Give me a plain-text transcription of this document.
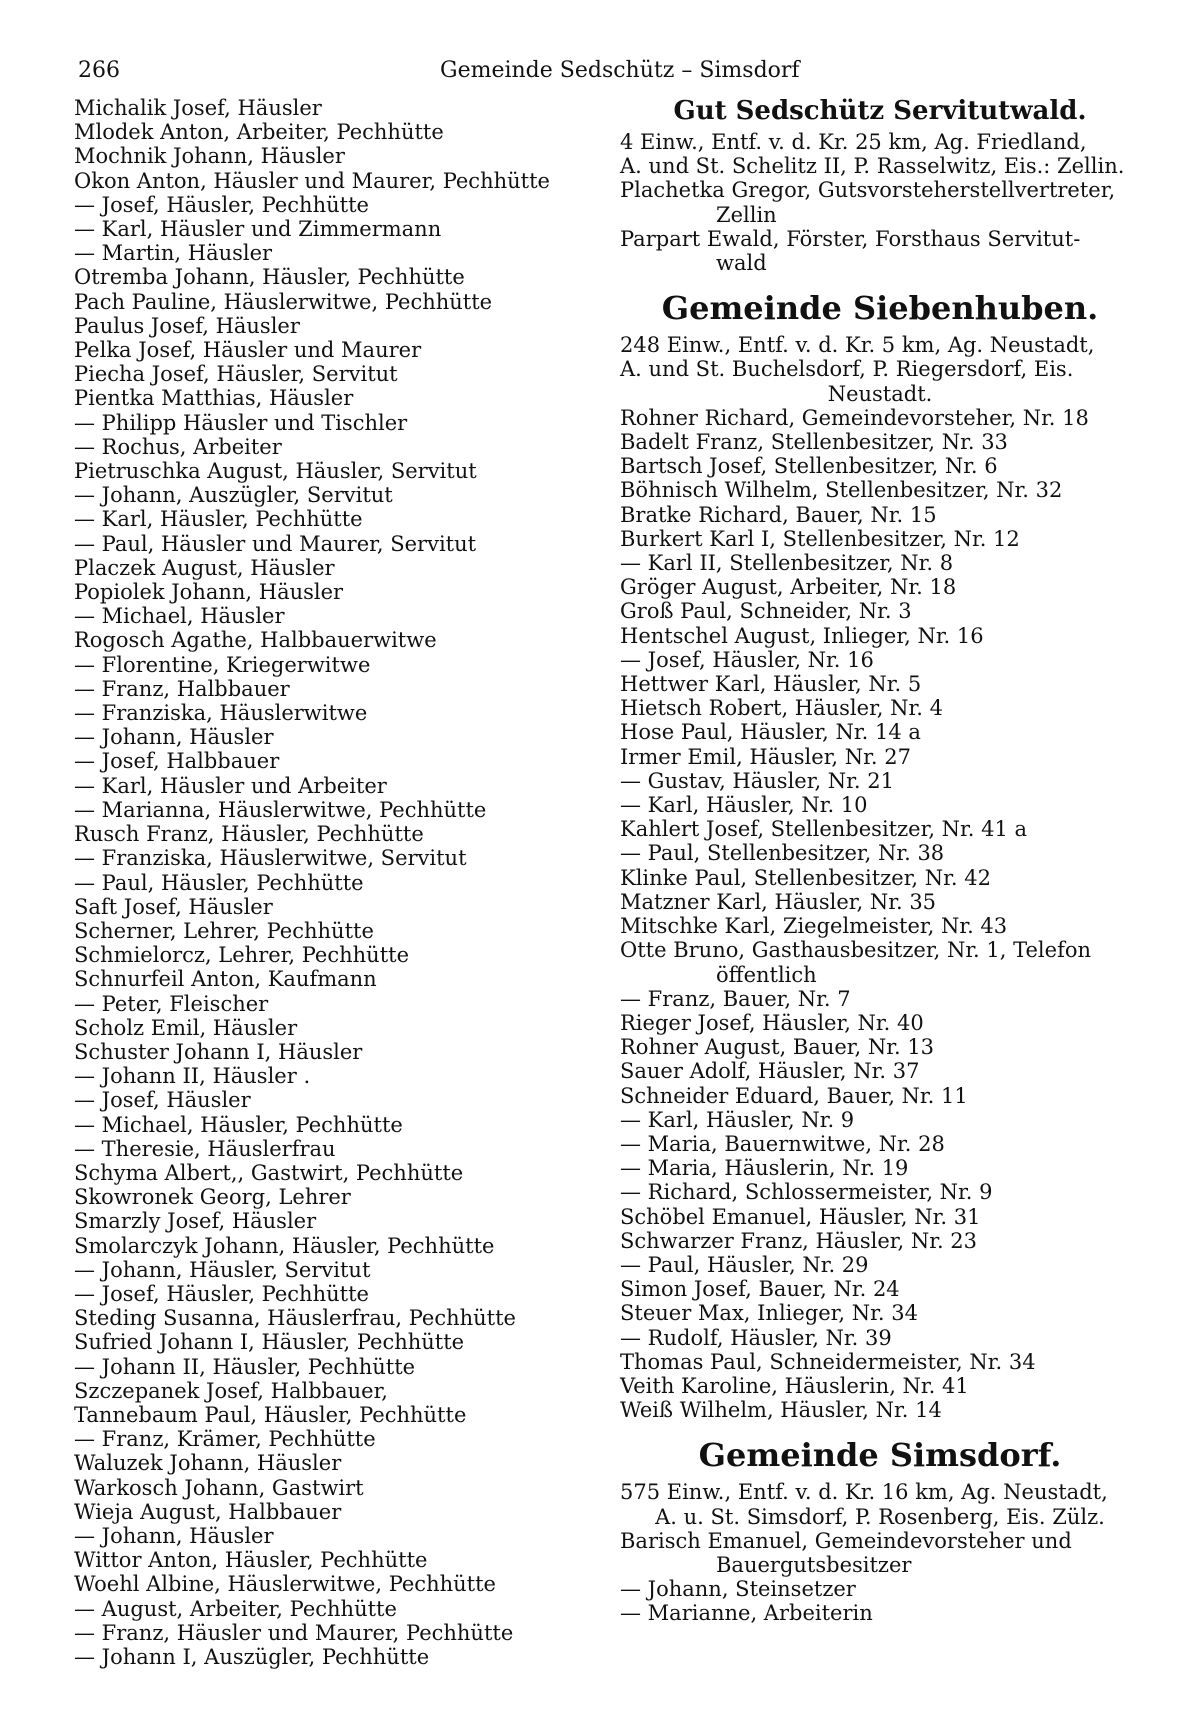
266	Gemeinde Sedschütz – Simsdorf
Michalik Josef, Häusler
Mlodek Anton, Arbeiter, Pechhütte
Mochnik Johann, Häusler
Okon Anton, Häusler und Maurer, Pechhütte
— Josef, Häusler, Pechhütte
— Karl, Häusler und Zimmermann
— Martin, Häusler
Otremba Johann, Häusler, Pechhütte
Pach Pauline, Häuslerwitwe, Pechhütte
Paulus Josef, Häusler
Pelka Josef, Häusler und Maurer
Piecha Josef, Häusler, Servitut
Pientka Matthias, Häusler
— Philipp Häusler und Tischler
— Rochus, Arbeiter
Pietruschka August, Häusler, Servitut
— Johann, Auszügler, Servitut
— Karl, Häusler, Pechhütte
— Paul, Häusler und Maurer, Servitut
Placzek August, Häusler
Popiolek Johann, Häusler
— Michael, Häusler
Rogosch Agathe, Halbbauerwitwe
— Florentine, Kriegerwitwe
— Franz, Halbbauer
— Franziska, Häuslerwitwe
— Johann, Häusler
— Josef, Halbbauer
— Karl, Häusler und Arbeiter
— Marianna, Häuslerwitwe, Pechhütte
Rusch Franz, Häusler, Pechhütte
— Franziska, Häuslerwitwe, Servitut
— Paul, Häusler, Pechhütte
Saft Josef, Häusler
Scherner, Lehrer, Pechhütte
Schmielorcz, Lehrer, Pechhütte
Schnurfeil Anton, Kaufmann
— Peter, Fleischer
Scholz Emil, Häusler
Schuster Johann I, Häusler
— Johann II, Häusler .
— Josef, Häusler
— Michael, Häusler, Pechhütte
— Theresie, Häuslerfrau
Schyma Albert,, Gastwirt, Pechhütte
Skowronek Georg, Lehrer
Smarzly Josef, Häusler
Smolarczyk Johann, Häusler, Pechhütte
— Johann, Häusler, Servitut
— Josef, Häusler, Pechhütte
Steding Susanna, Häuslerfrau, Pechhütte
Sufried Johann I, Häusler, Pechhütte
— Johann II, Häusler, Pechhütte
Szczepanek Josef, Halbbauer,
Tannebaum Paul, Häusler, Pechhütte
— Franz, Krämer, Pechhütte
Waluzek Johann, Häusler
Warkosch Johann, Gastwirt
Wieja August, Halbbauer
— Johann, Häusler
Wittor Anton, Häusler, Pechhütte
Woehl Albine, Häuslerwitwe, Pechhütte
— August, Arbeiter, Pechhütte
— Franz, Häusler und Maurer, Pechhütte
— Johann I, Auszügler, Pechhütte
Gut Sedschütz Servitutwald.
4 Einw., Entf. v. d. Kr. 25 km, Ag. Friedland,
A. und St. Schelitz II, P. Rasselwitz, Eis.: Zellin.
Plachetka Gregor, Gutsvorsteherstellvertreter,
Zellin
Parpart Ewald, Förster, Forsthaus Servitut-
wald
Gemeinde Siebenhuben.
248 Einw., Entf. v. d. Kr. 5 km, Ag. Neustadt,
A. und St. Buchelsdorf, P. Riegersdorf, Eis.
Neustadt.
Rohner Richard, Gemeindevorsteher, Nr. 18
Badelt Franz, Stellenbesitzer, Nr. 33
Bartsch Josef, Stellenbesitzer, Nr. 6
Böhnisch Wilhelm, Stellenbesitzer, Nr. 32
Bratke Richard, Bauer, Nr. 15
Burkert Karl I, Stellenbesitzer, Nr. 12
— Karl II, Stellenbesitzer, Nr. 8
Gröger August, Arbeiter, Nr. 18
Groß Paul, Schneider, Nr. 3
Hentschel August, Inlieger, Nr. 16
— Josef, Häusler, Nr. 16
Hettwer Karl, Häusler, Nr. 5
Hietsch Robert, Häusler, Nr. 4
Hose Paul, Häusler, Nr. 14 a
Irmer Emil, Häusler, Nr. 27
— Gustav, Häusler, Nr. 21
— Karl, Häusler, Nr. 10
Kahlert Josef, Stellenbesitzer, Nr. 41 a
— Paul, Stellenbesitzer, Nr. 38
Klinke Paul, Stellenbesitzer, Nr. 42
Matzner Karl, Häusler, Nr. 35
Mitschke Karl, Ziegelmeister, Nr. 43
Otte Bruno, Gasthausbesitzer, Nr. 1, Telefon
öffentlich
— Franz, Bauer, Nr. 7
Rieger Josef, Häusler, Nr. 40
Rohner August, Bauer, Nr. 13
Sauer Adolf, Häusler, Nr. 37
Schneider Eduard, Bauer, Nr. 11
— Karl, Häusler, Nr. 9
— Maria, Bauernwitwe, Nr. 28
— Maria, Häuslerin, Nr. 19
— Richard, Schlossermeister, Nr. 9
Schöbel Emanuel, Häusler, Nr. 31
Schwarzer Franz, Häusler, Nr. 23
— Paul, Häusler, Nr. 29
Simon Josef, Bauer, Nr. 24
Steuer Max, Inlieger, Nr. 34
— Rudolf, Häusler, Nr. 39
Thomas Paul, Schneidermeister, Nr. 34
Veith Karoline, Häuslerin, Nr. 41
Weiß Wilhelm, Häusler, Nr. 14
Gemeinde Simsdorf.
575 Einw., Entf. v. d. Kr. 16 km, Ag. Neustadt,
A. u. St. Simsdorf, P. Rosenberg, Eis. Zülz.
Barisch Emanuel, Gemeindevorsteher und
Bauergutsbesitzer
— Johann, Steinsetzer
— Marianne, Arbeiterin
